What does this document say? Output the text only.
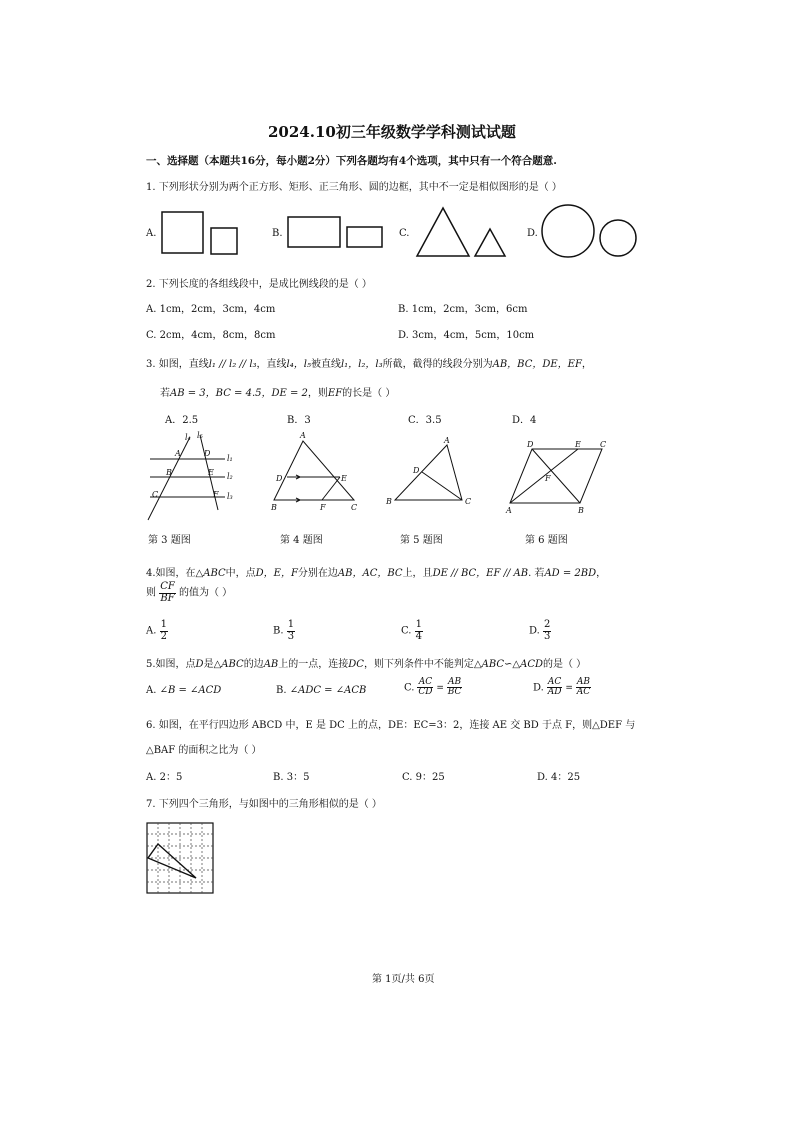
2024.10初三年级数学学科测试试题
一、选择题（本题共16分，每小题2分）下列各题均有4个选项，其中只有一个符合题意.
1. 下列形状分别为两个正方形、矩形、正三角形、圆的边框，其中不一定是相似图形的是（ ）
A.	B.	C.	D.
2. 下列长度的各组线段中，是成比例线段的是（ ）
A. 1cm，2cm，3cm，4cm	B. 1cm，2cm，3cm，6cm
C. 2cm，4cm，8cm，8cm	D. 3cm，4cm，5cm，10cm
3. 如图，直线l₁ // l₂ // l₃，直线l₄，l₅被直线l₁，l₂，l₃所截，截得的线段分别为AB，BC，DE，EF，
若AB = 3，BC = 4.5，DE = 2，则EF的长是（ ）
A．2.5	B．3	C．3.5	D．4
l₄ l₅
l₁
l₂
l₃
A	D
B	E
C	F
A
D	E
B	F	C
A
D
B	C
D	E C
F
A	B
第 3 题图	第 4 题图	第 5 题图	第 6 题图
4.如图，在△ABC中，点D，E，F分别在边AB，AC，BC上，且DE // BC，EF // AB. 若AD = 2BD，
则 $\frac{CF}{BF}$ 的值为（ ）
A. $\frac{1}{2}$	B. $\frac{1}{3}$	C. $\frac{1}{4}$	D. $\frac{2}{3}$
5.如图，点D是△ABC的边AB上的一点，连接DC，则下列条件中不能判定△ABC∽△ACD的是（ ）
A. ∠B = ∠ACD	B. ∠ADC = ∠ACB	C. $\frac{AC}{CD} = \frac{AB}{BC}$	D. $\frac{AC}{AD} = \frac{AB}{AC}$
6. 如图，在平行四边形 ABCD 中，E 是 DC 上的点，DE：EC=3：2，连接 AE 交 BD 于点 F，则△DEF 与
△BAF 的面积之比为（ ）
A. 2：5	B. 3：5	C. 9：25	D. 4：25
7. 下列四个三角形，与如图中的三角形相似的是（ ）
第 1页/共 6页
